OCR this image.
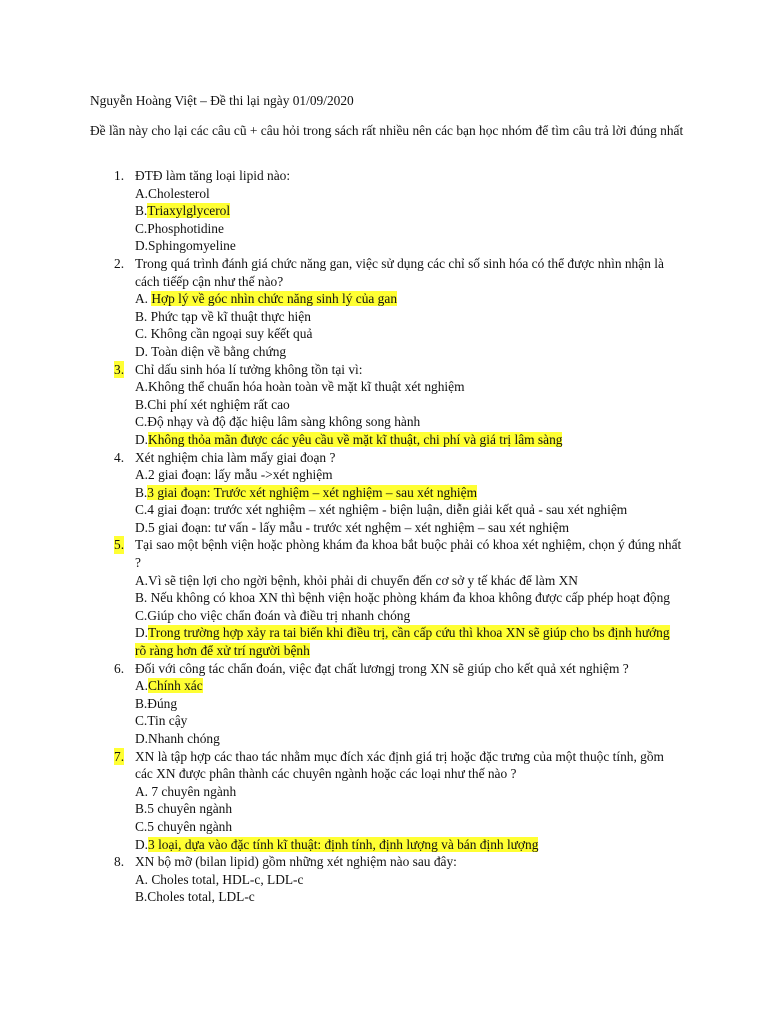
Nguyễn Hoàng Việt – Đề thi lại ngày 01/09/2020
Đề lần này cho lại các câu cũ + câu hỏi trong sách rất nhiều nên các bạn học nhóm để tìm câu trả lời đúng nhất
1. ĐTĐ làm tăng loại lipid nào:
A.Cholesterol
B.Triaxylglycerol
C.Phosphotidine
D.Sphingomyeline
2. Trong quá trình đánh giá chức năng gan, việc sử dụng các chỉ số sinh hóa có thể được nhìn nhận là cách tiếếp cận như thế nào?
A. Hợp lý về góc nhìn chức năng sinh lý của gan
B. Phức tạp về kĩ thuật thực hiện
C. Không cần ngoại suy kếết quả
D. Toàn diện về bằng chứng
3. Chỉ dấu sinh hóa lí tưởng không tồn tại vì:
A.Không thể chuẩn hóa hoàn toàn về mặt kĩ thuật xét nghiệm
B.Chi phí xét nghiệm rất cao
C.Độ nhạy và độ đặc hiệu lâm sàng không song hành
D.Không thỏa mãn được các yêu cầu về mặt kĩ thuật, chi phí và giá trị lâm sàng
4. Xét nghiệm chia làm mấy giai đoạn ?
A.2 giai đoạn: lấy mẫu ->xét nghiệm
B.3 giai đoạn: Trước xét nghiệm – xét nghiệm – sau xét nghiệm
C.4 giai đoạn: trước xét nghiệm – xét nghiệm - biện luận, diễn giải kết quả - sau xét nghiệm
D.5 giai đoạn: tư vấn - lấy mẫu - trước xét nghệm – xét nghiệm – sau xét nghiệm
5. Tại sao một bệnh viện hoặc phòng khám đa khoa bắt buộc phải có khoa xét nghiệm, chọn ý đúng nhất ?
A.Vì sẽ tiện lợi cho ngời bệnh, khỏi phải di chuyển đến cơ sở y tế khác để làm XN
B. Nếu không có khoa XN thì bệnh viện hoặc phòng khám đa khoa không được cấp phép hoạt động
C.Giúp cho việc chẩn đoán và điều trị nhanh chóng
D.Trong trường hợp xảy ra tai biến khi điều trị, cần cấp cứu thì khoa XN sẽ giúp cho bs định hướng rõ ràng hơn để xử trí người bệnh
6. Đối với công tác chẩn đoán, việc đạt chất lươngj trong XN sẽ giúp cho kết quả xét nghiệm ?
A.Chính xác
B.Đúng
C.Tin cậy
D.Nhanh chóng
7. XN là tập hợp các thao tác nhằm mục đích xác định giá trị hoặc đặc trưng của một thuộc tính, gồm các XN được phân thành các chuyên ngành hoặc các loại như thế nào ?
A. 7 chuyên ngành
B.5 chuyên ngành
C.5 chuyên ngành
D.3 loại, dựa vào đặc tính kĩ thuật: định tính, định lượng và bán định lượng
8. XN bộ mỡ (bilan lipid) gồm những xét nghiệm nào sau đây:
A. Choles total, HDL-c, LDL-c
B.Choles total, LDL-c
